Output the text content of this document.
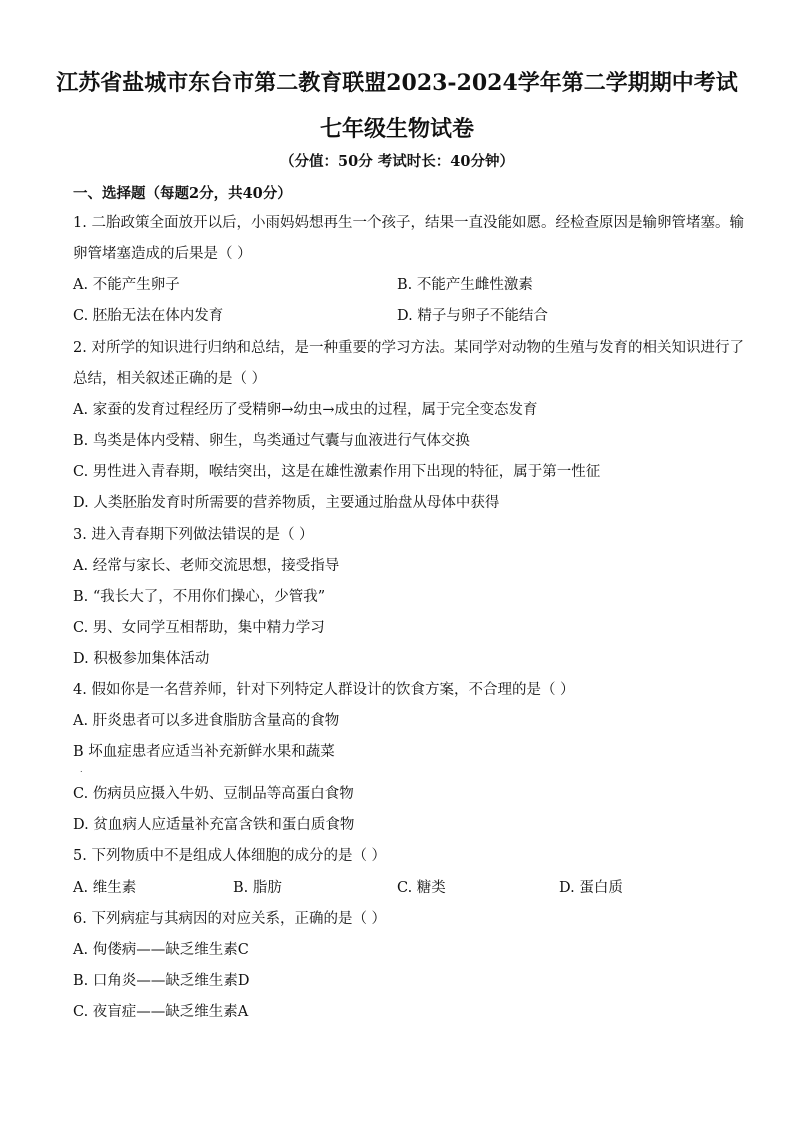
江苏省盐城市东台市第二教育联盟2023-2024学年第二学期期中考试
七年级生物试卷
（分值：50分 考试时长：40分钟）
一、选择题（每题2分，共40分）
1. 二胎政策全面放开以后，小雨妈妈想再生一个孩子，结果一直没能如愿。经检查原因是输卵管堵塞。输
卵管堵塞造成的后果是（ ）
A. 不能产生卵子	B. 不能产生雌性激素
C. 胚胎无法在体内发育	D. 精子与卵子不能结合
2. 对所学的知识进行归纳和总结，是一种重要的学习方法。某同学对动物的生殖与发育的相关知识进行了
总结，相关叙述正确的是（ ）
A. 家蚕的发育过程经历了受精卵→幼虫→成虫的过程，属于完全变态发育
B. 鸟类是体内受精、卵生，鸟类通过气囊与血液进行气体交换
C. 男性进入青春期，喉结突出，这是在雄性激素作用下出现的特征，属于第一性征
D. 人类胚胎发育时所需要的营养物质，主要通过胎盘从母体中获得
3. 进入青春期下列做法错误的是（ ）
A. 经常与家长、老师交流思想，接受指导
B. “我长大了，不用你们操心，少管我”
C. 男、女同学互相帮助，集中精力学习
D. 积极参加集体活动
4. 假如你是一名营养师，针对下列特定人群设计的饮食方案，不合理的是（ ）
A. 肝炎患者可以多进食脂肪含量高的食物
B 坏血症患者应适当补充新鲜水果和蔬菜
.
C. 伤病员应摄入牛奶、豆制品等高蛋白食物
D. 贫血病人应适量补充富含铁和蛋白质食物
5. 下列物质中不是组成人体细胞的成分的是（ ）
A. 维生素	B. 脂肪	C. 糖类	D. 蛋白质
6. 下列病症与其病因的对应关系，正确的是（ ）
A. 佝偻病——缺乏维生素C
B. 口角炎——缺乏维生素D
C. 夜盲症——缺乏维生素A
